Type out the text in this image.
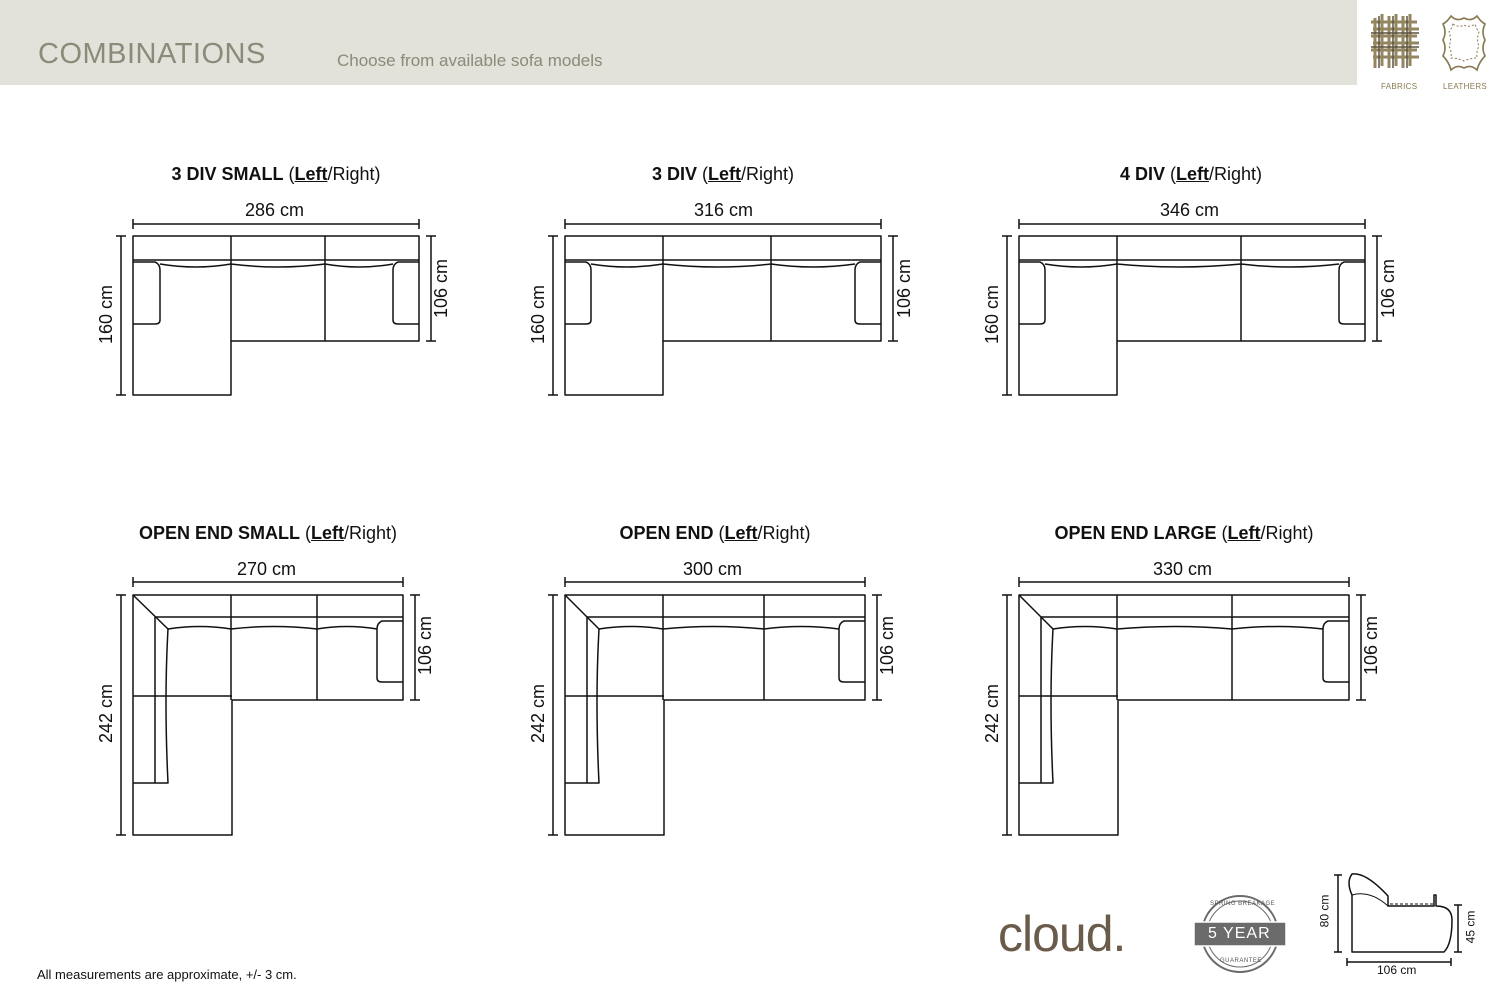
COMBINATIONS	Choose from available sofa models
FABRICS	LEATHERS
3 DIV SMALL (Left/Right)	3 DIV (Left/Right)	4 DIV (Left/Right)
OPEN END SMALL (Left/Right)	OPEN END (Left/Right)	OPEN END LARGE (Left/Right)
286 cm	316 cm	346 cm
270 cm	300 cm	330 cm
160 cm	106 cm	160 cm	106 cm	160 cm	106 cm
242 cm
106 cm
242 cm
106 cm
242 cm
106 cm
All measurements are approximate, +/- 3 cm.
cloud.
SPRING BREAKAGE
5 YEAR
GUARANTEE
80 cm	45 cm
106 cm
